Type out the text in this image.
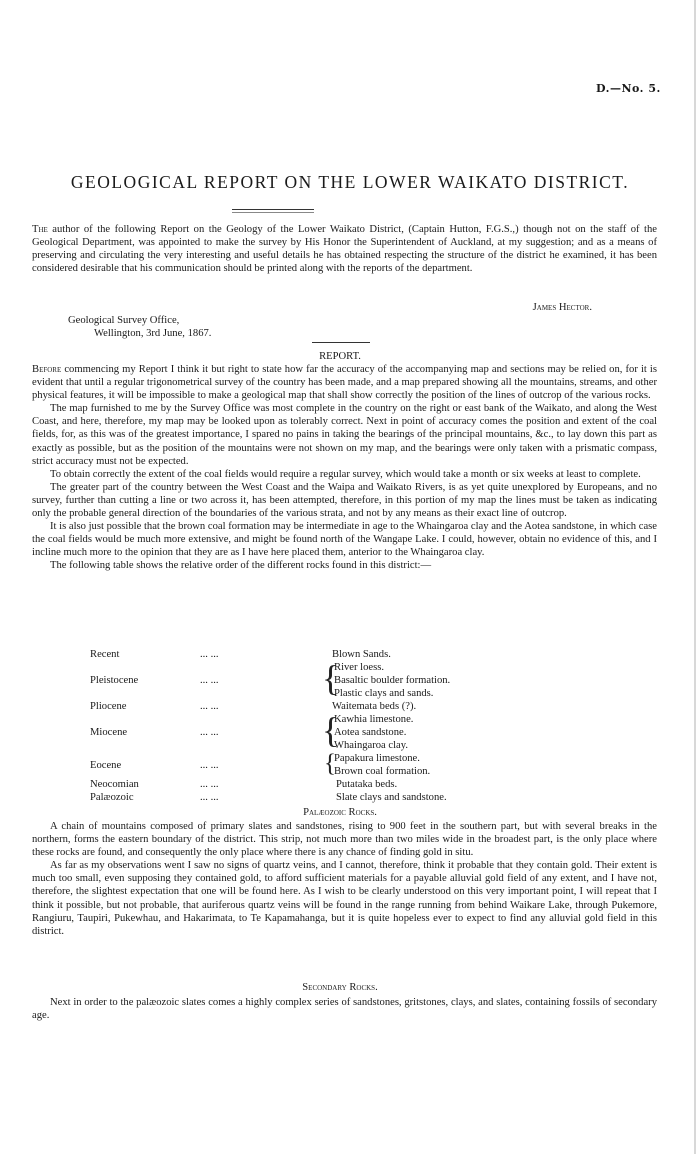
D.—No. 5.
GEOLOGICAL REPORT ON THE LOWER WAIKATO DISTRICT.

The author of the following Report on the Geology of the Lower Waikato District, (Captain Hutton, F.G.S.,) though not on the staff of the Geological Department, was appointed to make the survey by His Honor the Superintendent of Auckland, at my suggestion; and as a means of preserving and circulating the very interesting and useful details he has obtained respecting the structure of the district he examined, it has been considered desirable that his communication should be printed along with the reports of the department.

James Hector.
Geological Survey Office,
Wellington, 3rd June, 1867.
REPORT.

Before commencing my Report I think it but right to state how far the accuracy of the accompanying map and sections may be relied on, for it is evident that until a regular trigonometrical survey of the country has been made, and a map prepared showing all the mountains, streams, and other physical features, it will be impossible to make a geological map that shall show correctly the position of the lines of outcrop of the various rocks.

The map furnished to me by the Survey Office was most complete in the country on the right or east bank of the Waikato, and along the West Coast, and here, therefore, my map may be looked upon as tolerably correct. Next in point of accuracy comes the position and extent of the coal fields, for, as this was of the greatest importance, I spared no pains in taking the bearings of the principal mountains, &c., to lay down this part as exactly as possible, but as the position of the mountains were not shown on my map, and the bearings were only taken with a prismatic compass, strict accuracy must not be expected.

To obtain correctly the extent of the coal fields would require a regular survey, which would take a month or six weeks at least to complete.

The greater part of the country between the West Coast and the Waipa and Waikato Rivers, is as yet quite unexplored by Europeans, and no survey, further than cutting a line or two across it, has been attempted, therefore, in this portion of my map the lines must be taken as indicating only the probable general direction of the boundaries of the various strata, and not by any means as their exact line of outcrop.

It is also just possible that the brown coal formation may be intermediate in age to the Whaingaroa clay and the Aotea sandstone, in which case the coal fields would be much more extensive, and might be found north of the Wangape Lake. I could, however, obtain no evidence of this, and I incline much more to the opinion that they are as I have here placed them, anterior to the Whaingaroa clay.

The following table shows the relative order of the different rocks found in this district:—

Recent	... ...	Blown Sands.
Pleistocene	... ...	{
River loess.
Basaltic boulder formation.
Plastic clays and sands.
Pliocene	... ...	Waitemata beds (?).
Miocene	... ...	{
Kawhia limestone.
Aotea sandstone.
Whaingaroa clay.
Eocene	... ...	{
Papakura limestone.
Brown coal formation.
Neocomian	... ...	Putataka beds.
Palæozoic	... ...	Slate clays and sandstone.
Palæozoic Rocks.

A chain of mountains composed of primary slates and sandstones, rising to 900 feet in the southern part, but with several breaks in the northern, forms the eastern boundary of the district. This strip, not much more than two miles wide in the broadest part, is the only place where these rocks are found, and consequently the only place where there is any chance of finding gold in situ.

As far as my observations went I saw no signs of quartz veins, and I cannot, therefore, think it probable that they contain gold. Their extent is much too small, even supposing they contained gold, to afford sufficient materials for a payable alluvial gold field of any extent, and I have not, therefore, the slightest expectation that one will be found here. As I wish to be clearly understood on this very important point, I will repeat that I think it possible, but not probable, that auriferous quartz veins will be found in the range running from behind Waikare Lake, through Pukemore, Rangiuru, Taupiri, Pukewhau, and Hakarimata, to Te Kapamahanga, but it is quite hopeless ever to expect to find any alluvial gold field in this district.

Secondary Rocks.

Next in order to the palæozoic slates comes a highly complex series of sandstones, gritstones, clays, and slates, containing fossils of secondary age.
